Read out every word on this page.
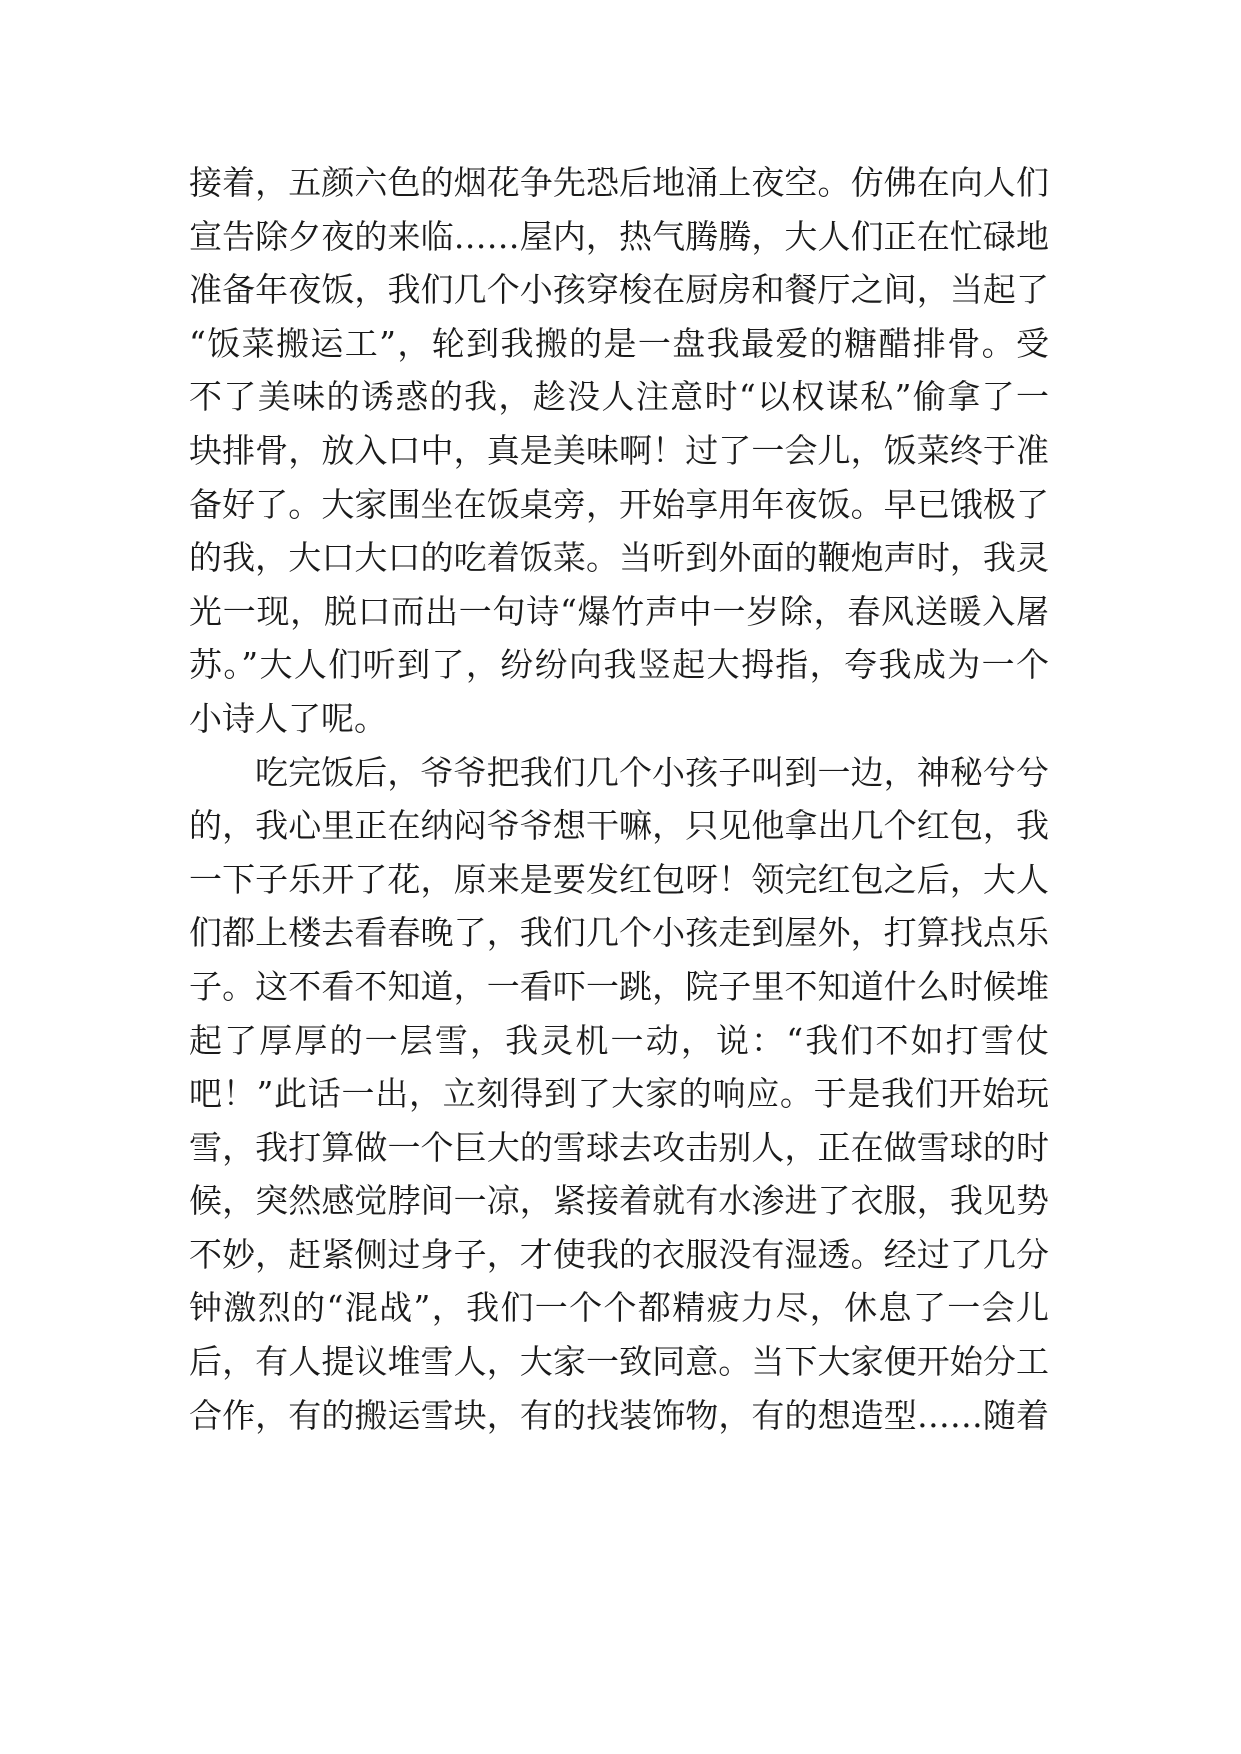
接着，五颜六色的烟花争先恐后地涌上夜空。仿佛在向人们
宣告除夕夜的来临……屋内，热气腾腾，大人们正在忙碌地
准备年夜饭，我们几个小孩穿梭在厨房和餐厅之间，当起了
“饭菜搬运工”，轮到我搬的是一盘我最爱的糖醋排骨。受
不了美味的诱惑的我，趁没人注意时“以权谋私”偷拿了一
块排骨，放入口中，真是美味啊！过了一会儿，饭菜终于准
备好了。大家围坐在饭桌旁，开始享用年夜饭。早已饿极了
的我，大口大口的吃着饭菜。当听到外面的鞭炮声时，我灵
光一现，脱口而出一句诗“爆竹声中一岁除，春风送暖入屠
苏。”大人们听到了，纷纷向我竖起大拇指，夸我成为一个
小诗人了呢。
吃完饭后，爷爷把我们几个小孩子叫到一边，神秘兮兮
的，我心里正在纳闷爷爷想干嘛，只见他拿出几个红包，我
一下子乐开了花，原来是要发红包呀！领完红包之后，大人
们都上楼去看春晚了，我们几个小孩走到屋外，打算找点乐
子。这不看不知道，一看吓一跳，院子里不知道什么时候堆
起了厚厚的一层雪，我灵机一动，说：“我们不如打雪仗
吧！”此话一出，立刻得到了大家的响应。于是我们开始玩
雪，我打算做一个巨大的雪球去攻击别人，正在做雪球的时
候，突然感觉脖间一凉，紧接着就有水渗进了衣服，我见势
不妙，赶紧侧过身子，才使我的衣服没有湿透。经过了几分
钟激烈的“混战”，我们一个个都精疲力尽，休息了一会儿
后，有人提议堆雪人，大家一致同意。当下大家便开始分工
合作，有的搬运雪块，有的找装饰物，有的想造型……随着
